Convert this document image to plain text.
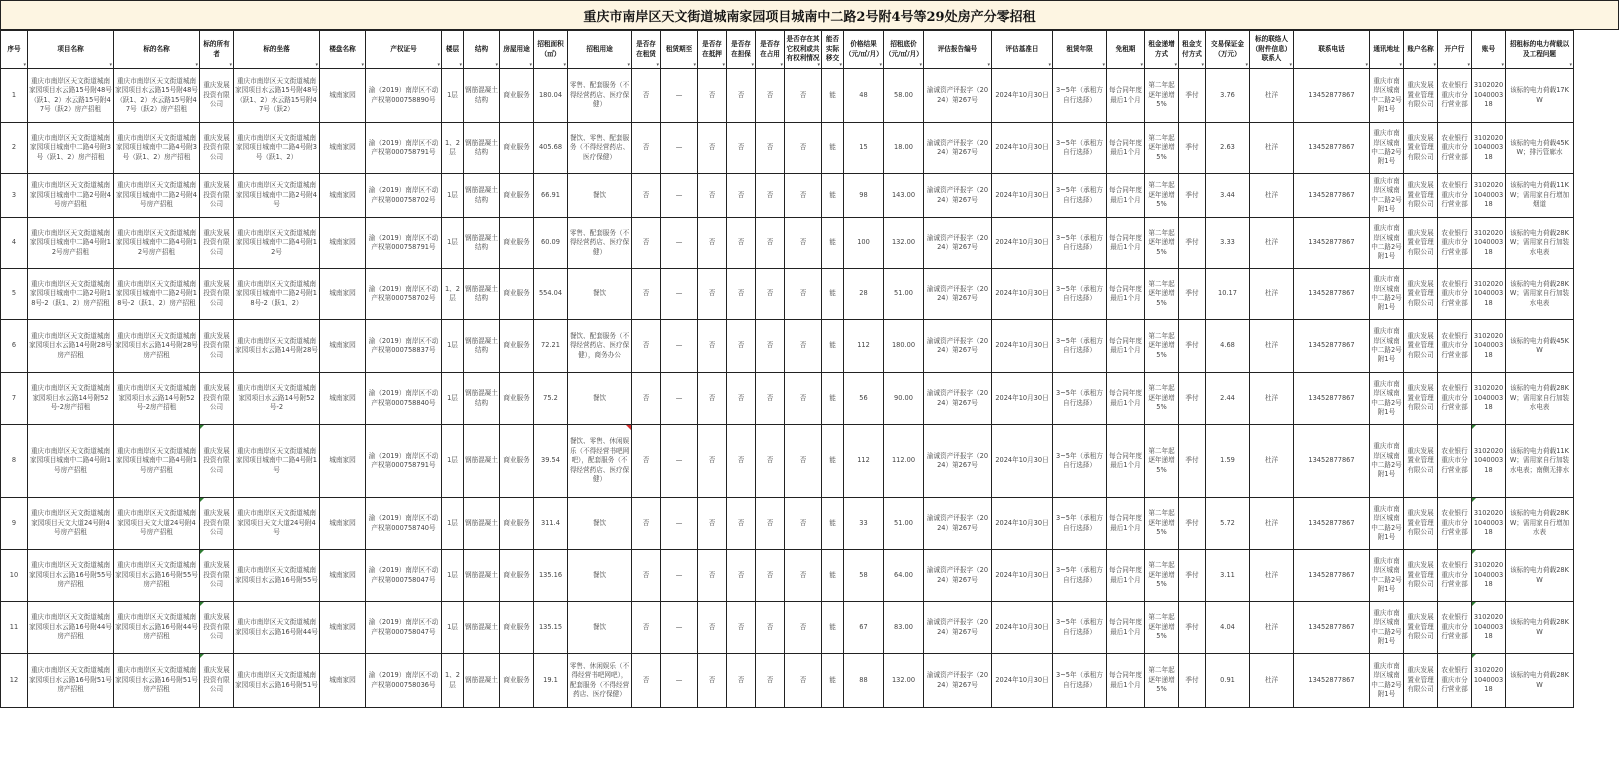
重庆市南岸区天文街道城南家园项目城南中二路2号附4号等29处房产分零招租
序号 ▾	项目名称 ▾	标的名称 ▾	标的所有者 ▾	标的坐落 ▾	楼盘名称 ▾	产权证号 ▾	楼层 ▾	结构 ▾	房屋用途 ▾	招租面积（㎡） ▾	招租用途 ▾	是否存在租赁 ▾	租赁期至 ▾	是否存在抵押 ▾	是否存在担保 ▾	是否存在占用 ▾	是否存在其它权利或共有权利情况 ▾	能否实际移交 ▾	价格结果（元/㎡/月） ▾	招租底价（元/㎡/月） ▾	评估报告编号 ▾	评估基准日 ▾	租赁年限 ▾	免租期 ▾	租金递增方式 ▾	租金支付方式 ▾	交易保证金（万元） ▾	标的联络人（附件信息）联系人 ▾	联系电话 ▾	通讯地址 ▾	账户名称 ▾	开户行 ▾	账号 ▾	招租标的电力荷载以及工程问题 ▾
1	重庆市南岸区天文街道城南家园项目水云路15号附48号（跃1、2）水云路15号附47号（跃2）房产招租	重庆市南岸区天文街道城南家园项目水云路15号附48号（跃1、2）水云路15号附47号（跃2）房产招租	重庆发展投资有限公司	重庆市南岸区天文街道城南家园项目水云路15号附48号（跃1、2）水云路15号附47号（跃2）	城南家园	渝（2019）南岸区不动产权第000758890号	1层	钢筋混凝土结构	商业服务	180.04	零售、配套服务（不得经营药店、医疗保健）	否	—	否	否	否	否	能	48	58.00	渝诚资产评报字（2024）第267号	2024年10月30日	3~5年（承租方自行选择）	每合同年度最后1个月	第二年起逐年递增5%	季付	3.76	杜洋	13452877867	重庆市南岸区城南中二路2号附1号	重庆发展置业管理有限公司	农业银行重庆市分行营业部	3102020104000318	该标的电力荷载17KW
2	重庆市南岸区天文街道城南家园项目城南中二路4号附3号（跃1、2）房产招租	重庆市南岸区天文街道城南家园项目城南中二路4号附3号（跃1、2）房产招租	重庆发展投资有限公司	重庆市南岸区天文街道城南家园项目城南中二路4号附3号（跃1、2）	城南家园	渝（2019）南岸区不动产权第000758791号	1、2层	钢筋混凝土结构	商业服务	405.68	餐饮、零售、配套服务（不得经营药店、医疗保健）	否	—	否	否	否	否	能	15	18.00	渝诚资产评报字（2024）第267号	2024年10月30日	3~5年（承租方自行选择）	每合同年度最后1个月	第二年起逐年递增5%	季付	2.63	杜洋	13452877867	重庆市南岸区城南中二路2号附1号	重庆发展置业管理有限公司	农业银行重庆市分行营业部	3102020104000318	该标的电力荷载45KW；排污管廊水
3	重庆市南岸区天文街道城南家园项目城南中二路2号附4号房产招租	重庆市南岸区天文街道城南家园项目城南中二路2号附4号房产招租	重庆发展投资有限公司	重庆市南岸区天文街道城南家园项目城南中二路2号附4号	城南家园	渝（2019）南岸区不动产权第000758702号	1层	钢筋混凝土结构	商业服务	66.91	餐饮	否	—	否	否	否	否	能	98	143.00	渝诚资产评报字（2024）第267号	2024年10月30日	3~5年（承租方自行选择）	每合同年度最后1个月	第二年起逐年递增5%	季付	3.44	杜洋	13452877867	重庆市南岸区城南中二路2号附1号	重庆发展置业管理有限公司	农业银行重庆市分行营业部	3102020104000318	该标的电力荷载11KW；需用家自行增加烟道
4	重庆市南岸区天文街道城南家园项目城南中二路4号附12号房产招租	重庆市南岸区天文街道城南家园项目城南中二路4号附12号房产招租	重庆发展投资有限公司	重庆市南岸区天文街道城南家园项目城南中二路4号附12号	城南家园	渝（2019）南岸区不动产权第000758791号	1层	钢筋混凝土结构	商业服务	60.09	零售、配套服务（不得经营药店、医疗保健）	否	—	否	否	否	否	能	100	132.00	渝诚资产评报字（2024）第267号	2024年10月30日	3~5年（承租方自行选择）	每合同年度最后1个月	第二年起逐年递增5%	季付	3.33	杜洋	13452877867	重庆市南岸区城南中二路2号附1号	重庆发展置业管理有限公司	农业银行重庆市分行营业部	3102020104000318	该标的电力荷载28KW；需用家自行加装水电表
5	重庆市南岸区天文街道城南家园项目城南中二路2号附18号-2（跃1、2）房产招租	重庆市南岸区天文街道城南家园项目城南中二路2号附18号-2（跃1、2）房产招租	重庆发展投资有限公司	重庆市南岸区天文街道城南家园项目城南中二路2号附18号-2（跃1、2）	城南家园	渝（2019）南岸区不动产权第000758702号	1、2层	钢筋混凝土结构	商业服务	554.04	餐饮	否	—	否	否	否	否	能	28	51.00	渝诚资产评报字（2024）第267号	2024年10月30日	3~5年（承租方自行选择）	每合同年度最后1个月	第二年起逐年递增5%	季付	10.17	杜洋	13452877867	重庆市南岸区城南中二路2号附1号	重庆发展置业管理有限公司	农业银行重庆市分行营业部	3102020104000318	该标的电力荷载28KW；需用家自行加装水电表
6	重庆市南岸区天文街道城南家园项目水云路14号附28号房产招租	重庆市南岸区天文街道城南家园项目水云路14号附28号房产招租	重庆发展投资有限公司	重庆市南岸区天文街道城南家园项目水云路14号附28号	城南家园	渝（2019）南岸区不动产权第000758837号	1层	钢筋混凝土结构	商业服务	72.21	餐饮、配套服务（不得经营药店、医疗保健），商务办公	否	—	否	否	否	否	能	112	180.00	渝诚资产评报字（2024）第267号	2024年10月30日	3~5年（承租方自行选择）	每合同年度最后1个月	第二年起逐年递增5%	季付	4.68	杜洋	13452877867	重庆市南岸区城南中二路2号附1号	重庆发展置业管理有限公司	农业银行重庆市分行营业部	3102020104000318	该标的电力荷载45KW
7	重庆市南岸区天文街道城南家园项目水云路14号附52号-2房产招租	重庆市南岸区天文街道城南家园项目水云路14号附52号-2房产招租	重庆发展投资有限公司	重庆市南岸区天文街道城南家园项目水云路14号附52号-2	城南家园	渝（2019）南岸区不动产权第000758840号	1层	钢筋混凝土结构	商业服务	75.2	餐饮	否	—	否	否	否	否	能	56	90.00	渝诚资产评报字（2024）第267号	2024年10月30日	3~5年（承租方自行选择）	每合同年度最后1个月	第二年起逐年递增5%	季付	2.44	杜洋	13452877867	重庆市南岸区城南中二路2号附1号	重庆发展置业管理有限公司	农业银行重庆市分行营业部	3102020104000318	该标的电力荷载28KW；需用家自行加装水电表
8	重庆市南岸区天文街道城南家园项目城南中二路4号附1号房产招租	重庆市南岸区天文街道城南家园项目城南中二路4号附1号房产招租	重庆发展投资有限公司	重庆市南岸区天文街道城南家园项目城南中二路4号附1号	城南家园	渝（2019）南岸区不动产权第000758791号	1层	钢筋混凝土	商业服务	39.54	餐饮、零售、休闲娱乐（不得经营书吧网吧），配套服务（不得经营药店、医疗保健）	否	—	否	否	否	否	能	112	112.00	渝诚资产评报字（2024）第267号	2024年10月30日	3~5年（承租方自行选择）	每合同年度最后1个月	第二年起逐年递增5%	季付	1.59	杜洋	13452877867	重庆市南岸区城南中二路2号附1号	重庆发展置业管理有限公司	农业银行重庆市分行营业部	3102020104000318	该标的电力荷载11KW；需用家自行加装水电表；南侧无排水
9	重庆市南岸区天文街道城南家园项目天文大道24号附4号房产招租	重庆市南岸区天文街道城南家园项目天文大道24号附4号房产招租	重庆发展投资有限公司	重庆市南岸区天文街道城南家园项目天文大道24号附4号	城南家园	渝（2019）南岸区不动产权第000758740号	1层	钢筋混凝土	商业服务	311.4	餐饮	否	—	否	否	否	否	能	33	51.00	渝诚资产评报字（2024）第267号	2024年10月30日	3~5年（承租方自行选择）	每合同年度最后1个月	第二年起逐年递增5%	季付	5.72	杜洋	13452877867	重庆市南岸区城南中二路2号附1号	重庆发展置业管理有限公司	农业银行重庆市分行营业部	3102020104000318	该标的电力荷载28KW；需用家自行增加水表
10	重庆市南岸区天文街道城南家园项目水云路16号附55号房产招租	重庆市南岸区天文街道城南家园项目水云路16号附55号房产招租	重庆发展投资有限公司	重庆市南岸区天文街道城南家园项目水云路16号附55号	城南家园	渝（2019）南岸区不动产权第000758047号	1层	钢筋混凝土	商业服务	135.16	餐饮	否	—	否	否	否	否	能	58	64.00	渝诚资产评报字（2024）第267号	2024年10月30日	3~5年（承租方自行选择）	每合同年度最后1个月	第二年起逐年递增5%	季付	3.11	杜洋	13452877867	重庆市南岸区城南中二路2号附1号	重庆发展置业管理有限公司	农业银行重庆市分行营业部	3102020104000318	该标的电力荷载28KW
11	重庆市南岸区天文街道城南家园项目水云路16号附44号房产招租	重庆市南岸区天文街道城南家园项目水云路16号附44号房产招租	重庆发展投资有限公司	重庆市南岸区天文街道城南家园项目水云路16号附44号	城南家园	渝（2019）南岸区不动产权第000758047号	1层	钢筋混凝土	商业服务	135.15	餐饮	否	—	否	否	否	否	能	67	83.00	渝诚资产评报字（2024）第267号	2024年10月30日	3~5年（承租方自行选择）	每合同年度最后1个月	第二年起逐年递增5%	季付	4.04	杜洋	13452877867	重庆市南岸区城南中二路2号附1号	重庆发展置业管理有限公司	农业银行重庆市分行营业部	3102020104000318	该标的电力荷载28KW
12	重庆市南岸区天文街道城南家园项目水云路16号附51号房产招租	重庆市南岸区天文街道城南家园项目水云路16号附51号房产招租	重庆发展投资有限公司	重庆市南岸区天文街道城南家园项目水云路16号附51号	城南家园	渝（2019）南岸区不动产权第000758036号	1、2层	钢筋混凝土	商业服务	19.1	零售、休闲娱乐（不得经营书吧网吧），配套服务（不得经营药店、医疗保健）	否	—	否	否	否	否	能	88	132.00	渝诚资产评报字（2024）第267号	2024年10月30日	3~5年（承租方自行选择）	每合同年度最后1个月	第二年起逐年递增5%	季付	0.91	杜洋	13452877867	重庆市南岸区城南中二路2号附1号	重庆发展置业管理有限公司	农业银行重庆市分行营业部	3102020104000318	该标的电力荷载28KW
